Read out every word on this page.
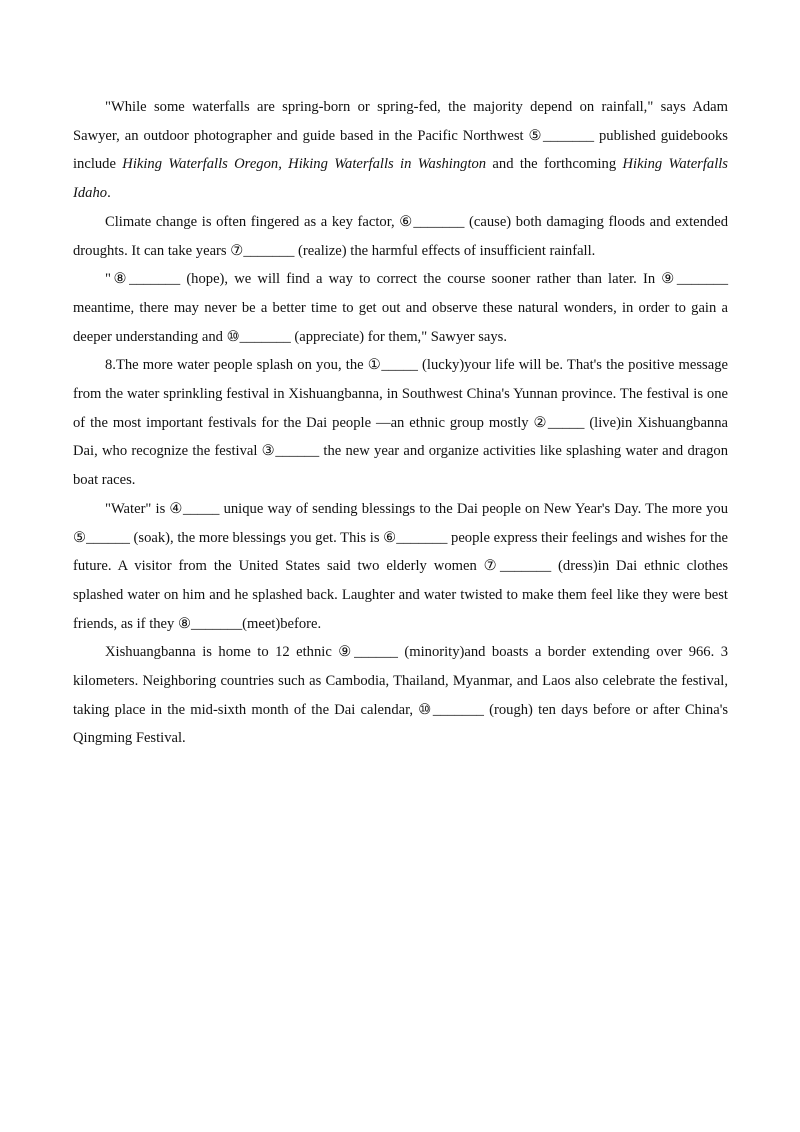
"While some waterfalls are spring-born or spring-fed, the majority depend on rainfall," says Adam Sawyer, an outdoor photographer and guide based in the Pacific Northwest ⑤_______ published guidebooks include Hiking Waterfalls Oregon, Hiking Waterfalls in Washington and the forthcoming Hiking Waterfalls Idaho.

Climate change is often fingered as a key factor, ⑥_______ (cause) both damaging floods and extended droughts. It can take years ⑦_______ (realize) the harmful effects of insufficient rainfall.

"⑧_______ (hope), we will find a way to correct the course sooner rather than later. In ⑨_______ meantime, there may never be a better time to get out and observe these natural wonders, in order to gain a deeper understanding and ⑩_______ (appreciate) for them," Sawyer says.

8.The more water people splash on you, the ①_____ (lucky)your life will be. That's the positive message from the water sprinkling festival in Xishuangbanna, in Southwest China's Yunnan province. The festival is one of the most important festivals for the Dai people —an ethnic group mostly ②_____ (live)in Xishuangbanna Dai, who recognize the festival ③______ the new year and organize activities like splashing water and dragon boat races.

"Water" is ④_____ unique way of sending blessings to the Dai people on New Year's Day. The more you ⑤______ (soak), the more blessings you get. This is ⑥_______ people express their feelings and wishes for the future. A visitor from the United States said two elderly women ⑦_______ (dress)in Dai ethnic clothes splashed water on him and he splashed back. Laughter and water twisted to make them feel like they were best friends, as if they ⑧_______(meet)before.

Xishuangbanna is home to 12 ethnic ⑨______ (minority)and boasts a border extending over 966. 3 kilometers. Neighboring countries such as Cambodia, Thailand, Myanmar, and Laos also celebrate the festival, taking place in the mid-sixth month of the Dai calendar, ⑩_______ (rough) ten days before or after China's Qingming Festival.
